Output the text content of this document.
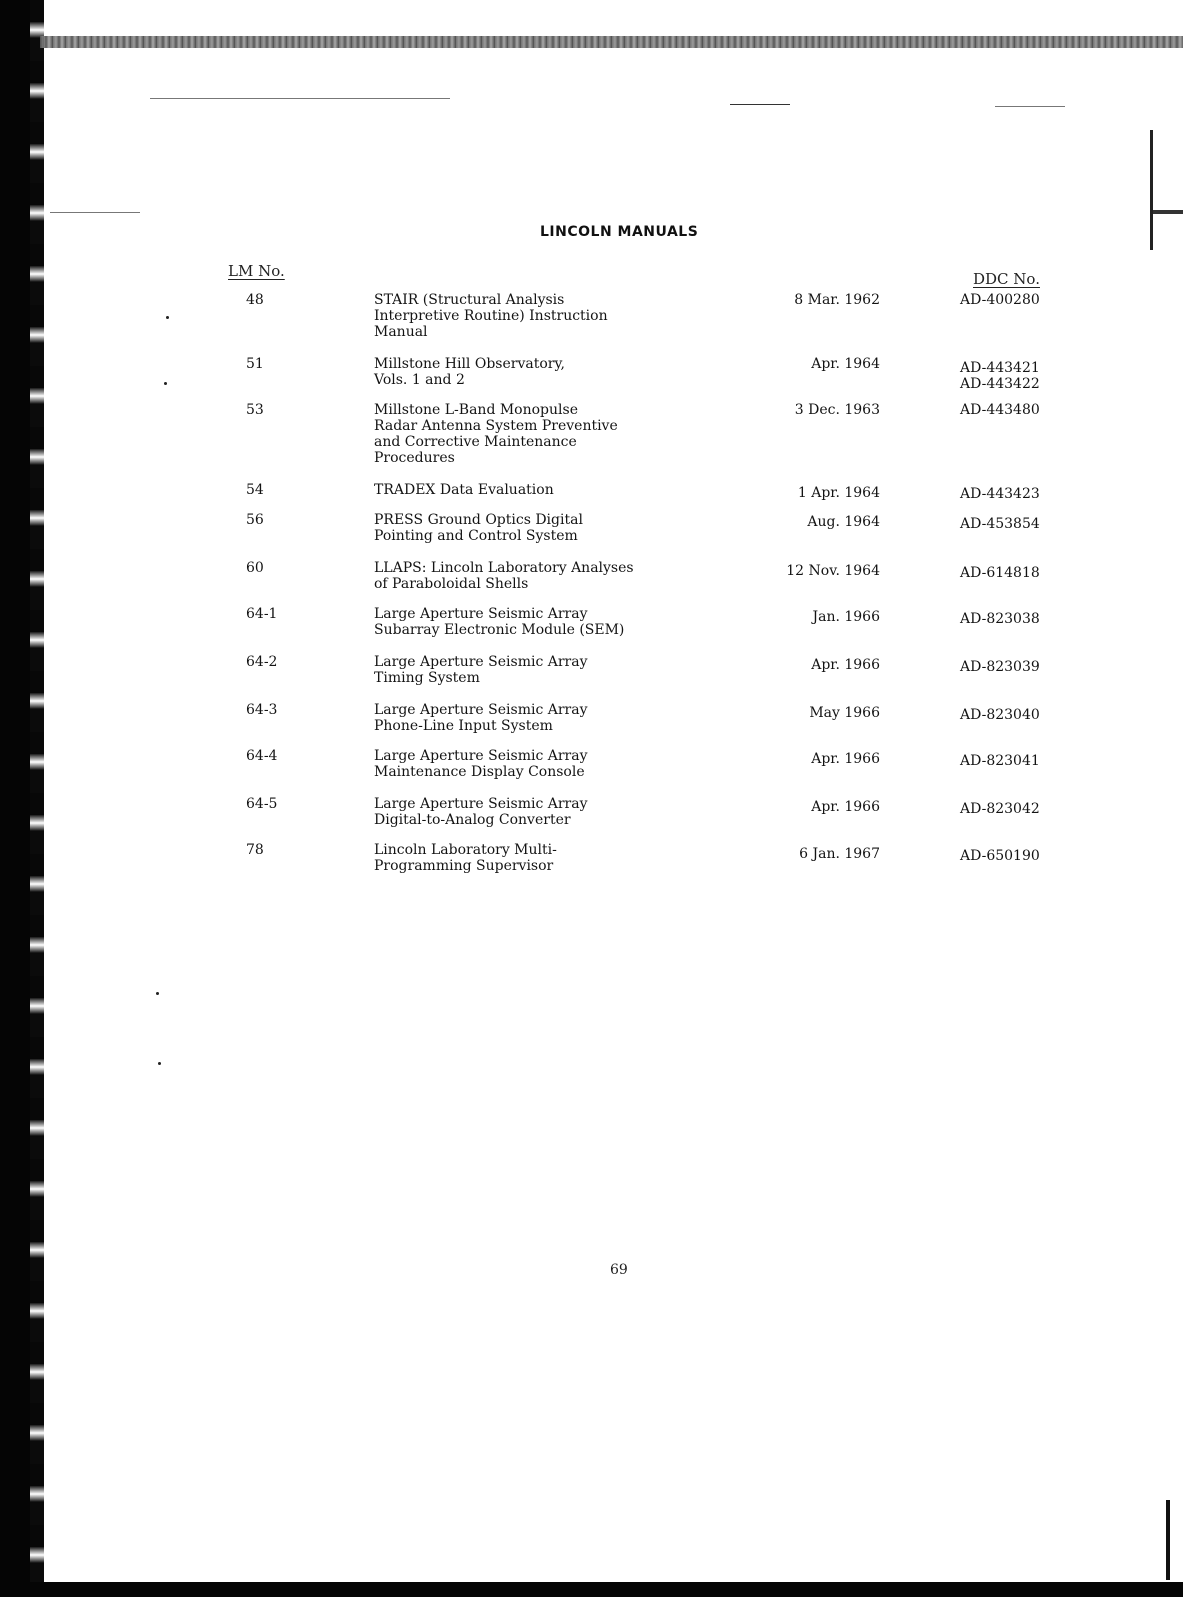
LINCOLN MANUALS
LM No.	DDC No.
48	STAIR (Structural Analysis
Interpretive Routine) Instruction
Manual
8 Mar. 1962	AD-400280
51	Millstone Hill Observatory,
Vols. 1 and 2
Apr. 1964	AD-443421
AD-443422
53	Millstone L-Band Monopulse
Radar Antenna System Preventive
and Corrective Maintenance
Procedures
3 Dec. 1963	AD-443480
54	TRADEX Data Evaluation	1 Apr. 1964	AD-443423
56	PRESS Ground Optics Digital
Pointing and Control System
Aug. 1964	AD-453854
60	LLAPS: Lincoln Laboratory Analyses
of Paraboloidal Shells
12 Nov. 1964	AD-614818
64-1	Large Aperture Seismic Array
Subarray Electronic Module (SEM)
Jan. 1966	AD-823038
64-2	Large Aperture Seismic Array
Timing System
Apr. 1966	AD-823039
64-3	Large Aperture Seismic Array
Phone-Line Input System
May 1966	AD-823040
64-4	Large Aperture Seismic Array
Maintenance Display Console
Apr. 1966	AD-823041
64-5	Large Aperture Seismic Array
Digital-to-Analog Converter
Apr. 1966	AD-823042
78	Lincoln Laboratory Multi-
Programming Supervisor
6 Jan. 1967	AD-650190
69
